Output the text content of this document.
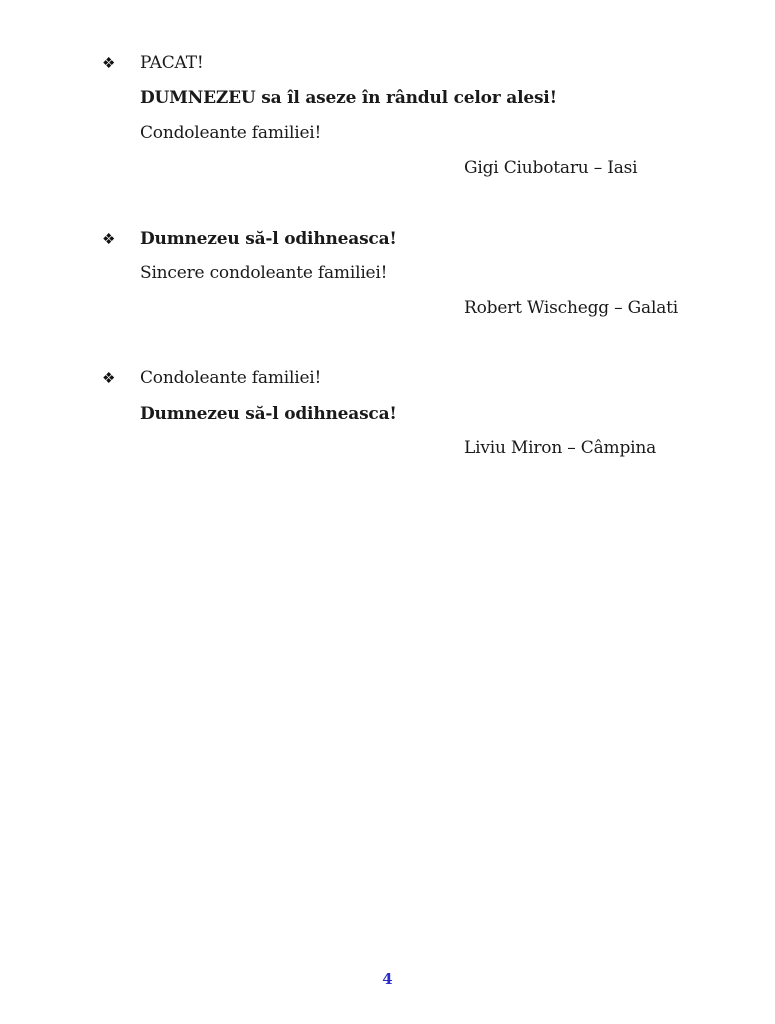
❖ PACAT!
DUMNEZEU sa îl aseze în rândul celor alesi!
Condoleante familiei!
Gigi Ciubotaru – Iasi
❖ Dumnezeu să-l odihneasca!
Sincere condoleante familiei!
Robert Wischegg – Galati
❖ Condoleante familiei!
Dumnezeu să-l odihneasca!
Liviu Miron – Câmpina
4
